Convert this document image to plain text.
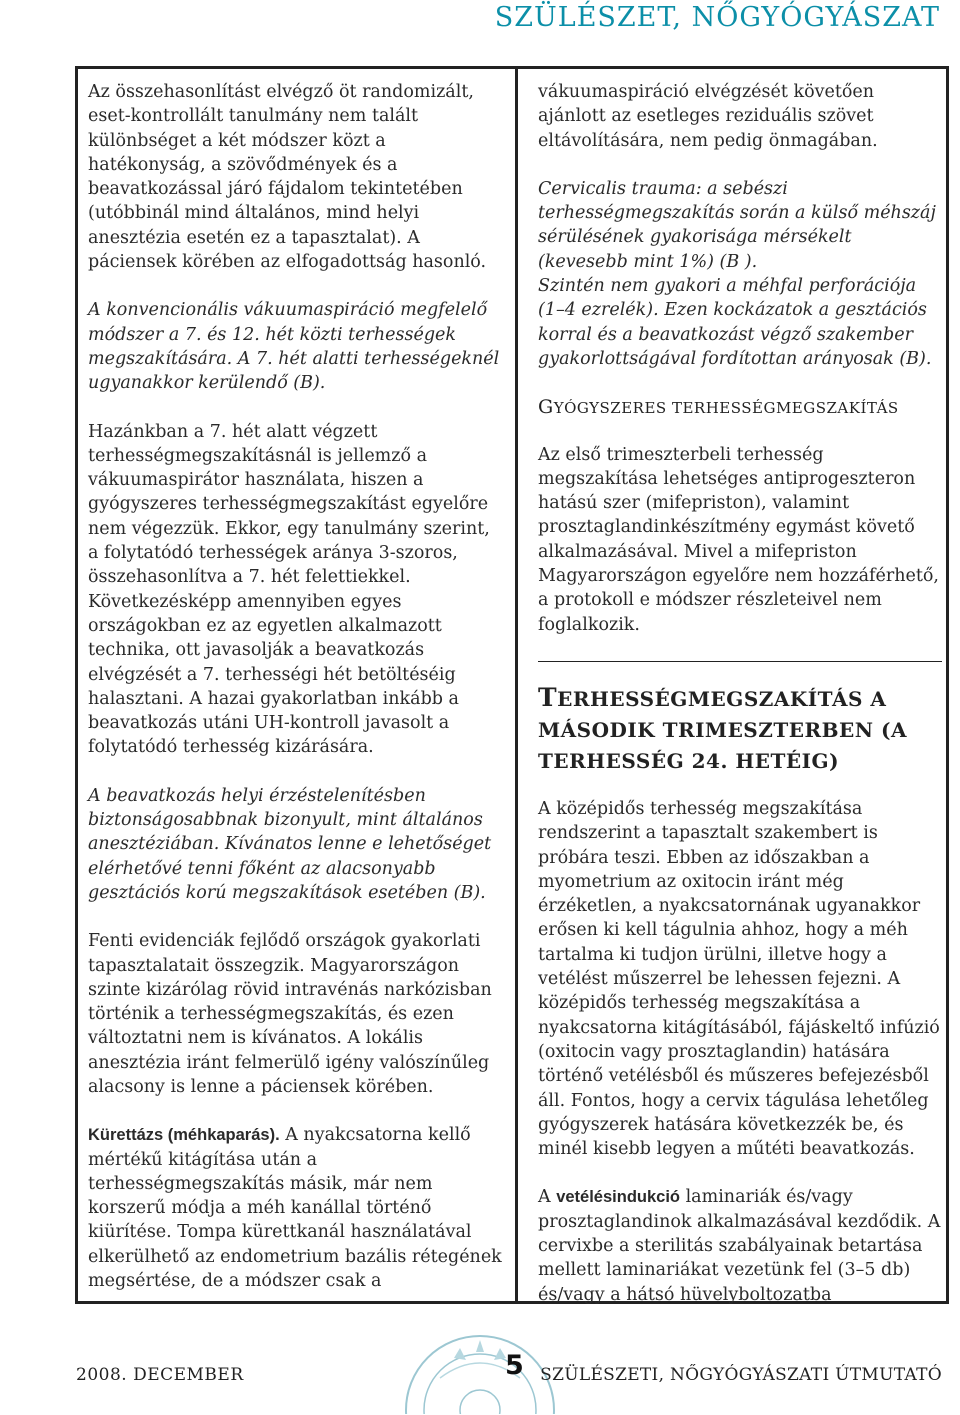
SZÜLÉSZET, NŐGYÓGYÁSZAT

Az összehasonlítást elvégző öt randomizált, eset-kontrollált tanulmány nem talált különbséget a két módszer közt a hatékonyság, a szövődmények és a beavatkozással járó fájdalom tekintetében (utóbbinál mind általános, mind helyi anesztézia esetén ez a tapasztalat). A páciensek körében az elfogadottság hasonló.

A konvencionális vákuumaspiráció megfelelő módszer a 7. és 12. hét közti terhességek megszakítására. A 7. hét alatti terhességeknél ugyanakkor kerülendő (B).

Hazánkban a 7. hét alatt végzett terhességmegszakításnál is jellemző a vákuumaspirátor használata, hiszen a gyógyszeres terhességmegszakítást egyelőre nem végezzük. Ekkor, egy tanulmány szerint, a folytatódó terhességek aránya 3-szoros, összehasonlítva a 7. hét felettiekkel. Következésképp amennyiben egyes országokban ez az egyetlen alkalmazott technika, ott javasolják a beavatkozás elvégzését a 7. terhességi hét betöltéséig halasztani. A hazai gyakorlatban inkább a beavatkozás utáni UH-kontroll javasolt a folytatódó terhesség kizárására.

A beavatkozás helyi érzéstelenítésben biztonságosabbnak bizonyult, mint általános anesztéziában. Kívánatos lenne e lehetőséget elérhetővé tenni főként az alacsonyabb gesztációs korú megszakítások esetében (B).

Fenti evidenciák fejlődő országok gyakorlati tapasztalatait összegzik. Magyarországon szinte kizárólag rövid intravénás narkózisban történik a terhességmegszakítás, és ezen változtatni nem is kívánatos. A lokális anesztézia iránt felmerülő igény valószínűleg alacsony is lenne a páciensek körében.

Kürettázs (méhkaparás). A nyakcsatorna kellő mértékű kitágítása után a terhességmegszakítás másik, már nem korszerű módja a méh kanállal történő kiürítése. Tompa kürettkanál használatával elkerülhető az endometrium bazális rétegének megsértése, de a módszer csak a

vákuumaspiráció elvégzését követően ajánlott az esetleges reziduális szövet eltávolítására, nem pedig önmagában.

Cervicalis trauma: a sebészi terhességmegszakítás során a külső méhszáj sérülésének gyakorisága mérsékelt (kevesebb mint 1%) (B ).
Szintén nem gyakori a méhfal perforációja (1–4 ezrelék). Ezen kockázatok a gesztációs korral és a beavatkozást végző szakember gyakorlottságával fordítottan arányosak (B).

GYÓGYSZERES TERHESSÉGMEGSZAKÍTÁS

Az első trimeszterbeli terhesség megszakítása lehetséges antiprogeszteron hatású szer (mifepriston), valamint prosztaglandinkészítmény egymást követő alkalmazásával. Mivel a mifepriston Magyarországon egyelőre nem hozzáférhető, a protokoll e módszer részleteivel nem foglalkozik.

TERHESSÉGMEGSZAKÍTÁS A MÁSODIK TRIMESZTERBEN (A TERHESSÉG 24. HETÉIG)

A középidős terhesség megszakítása rendszerint a tapasztalt szakembert is próbára teszi. Ebben az időszakban a myometrium az oxitocin iránt még érzéketlen, a nyakcsatornának ugyanakkor erősen ki kell tágulnia ahhoz, hogy a méh tartalma ki tudjon ürülni, illetve hogy a vetélést műszerrel be lehessen fejezni. A középidős terhesség megszakítása a nyakcsatorna kitágításából, fájáskeltő infúzió (oxitocin vagy prosztaglandin) hatására történő vetélésből és műszeres befejezésből áll. Fontos, hogy a cervix tágulása lehetőleg gyógyszerek hatására következzék be, és minél kisebb legyen a műtéti beavatkozás.

A vetélésindukció laminariák és/vagy prosztaglandinok alkalmazásával kezdődik. A cervixbe a sterilitás szabályainak betartása mellett laminariákat vezetünk fel (3–5 db) és/vagy a hátsó hüvelyboltozatba

2008. DECEMBER	5 SZÜLÉSZETI, NŐGYÓGYÁSZATI ÚTMUTATÓ
